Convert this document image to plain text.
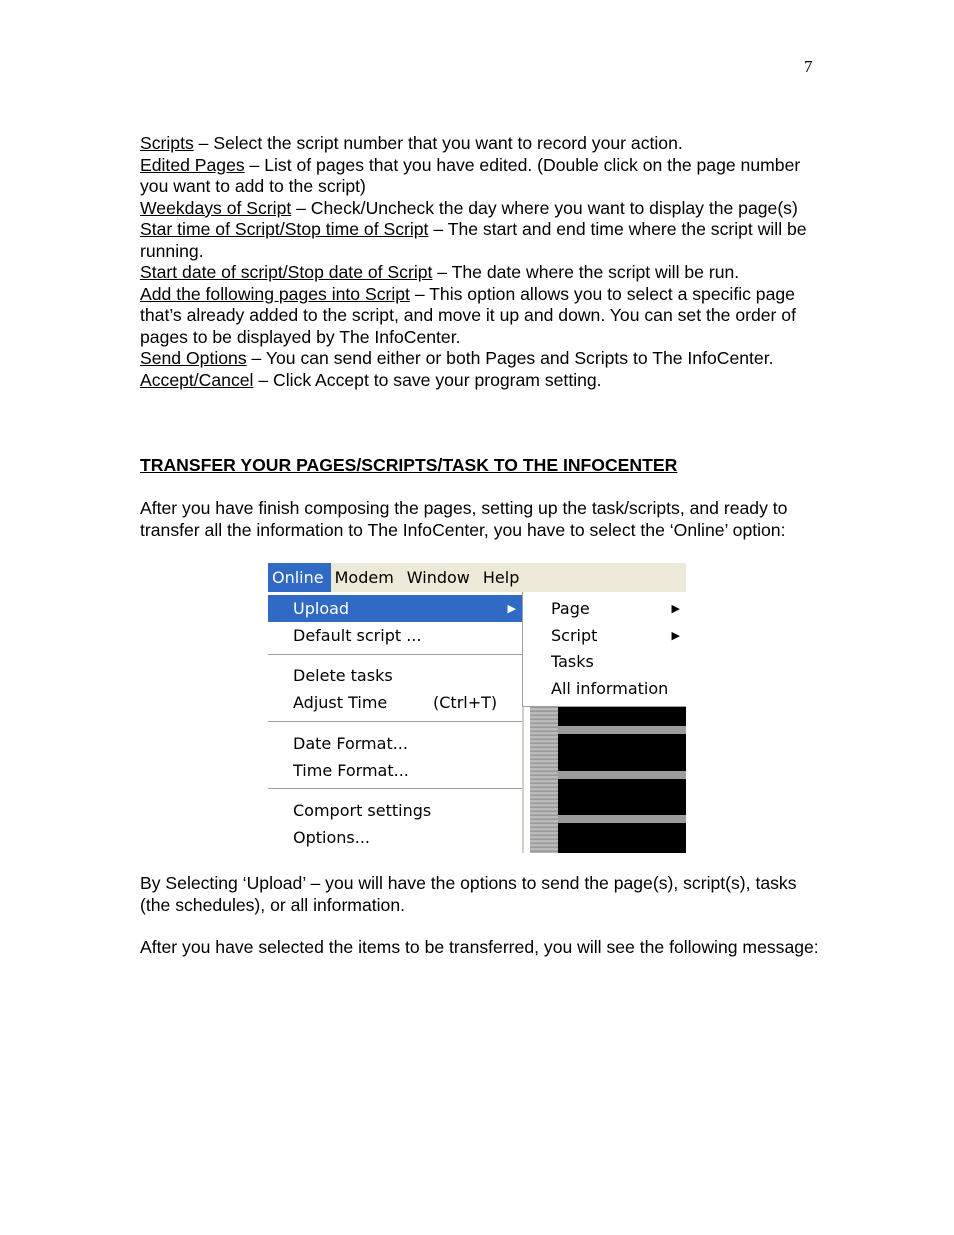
7

Scripts – Select the script number that you want to record your action.

Edited Pages – List of pages that you have edited. (Double click on the page number you want to add to the script)

Weekdays of Script – Check/Uncheck the day where you want to display the page(s)

Star time of Script/Stop time of Script – The start and end time where the script will be running.

Start date of script/Stop date of Script – The date where the script will be run.

Add the following pages into Script – This option allows you to select a specific page that’s already added to the script, and move it up and down. You can set the order of pages to be displayed by The InfoCenter.

Send Options – You can send either or both Pages and Scripts to The InfoCenter.

Accept/Cancel – Click Accept to save your program setting.

TRANSFER YOUR PAGES/SCRIPTS/TASK TO THE INFOCENTER

After you have finish composing the pages, setting up the task/scripts, and ready to transfer all the information to The InfoCenter, you have to select the ‘Online’ option:

Online Modem Window Help
Upload	▶
Default script ...
Delete tasks
Adjust Time	(Ctrl+T)
Date Format...
Time Format...
Comport settings
Options...
Page	▶
Script	▶
Tasks
All information

By Selecting ‘Upload’ – you will have the options to send the page(s), script(s), tasks (the schedules), or all information.

After you have selected the items to be transferred, you will see the following message:
